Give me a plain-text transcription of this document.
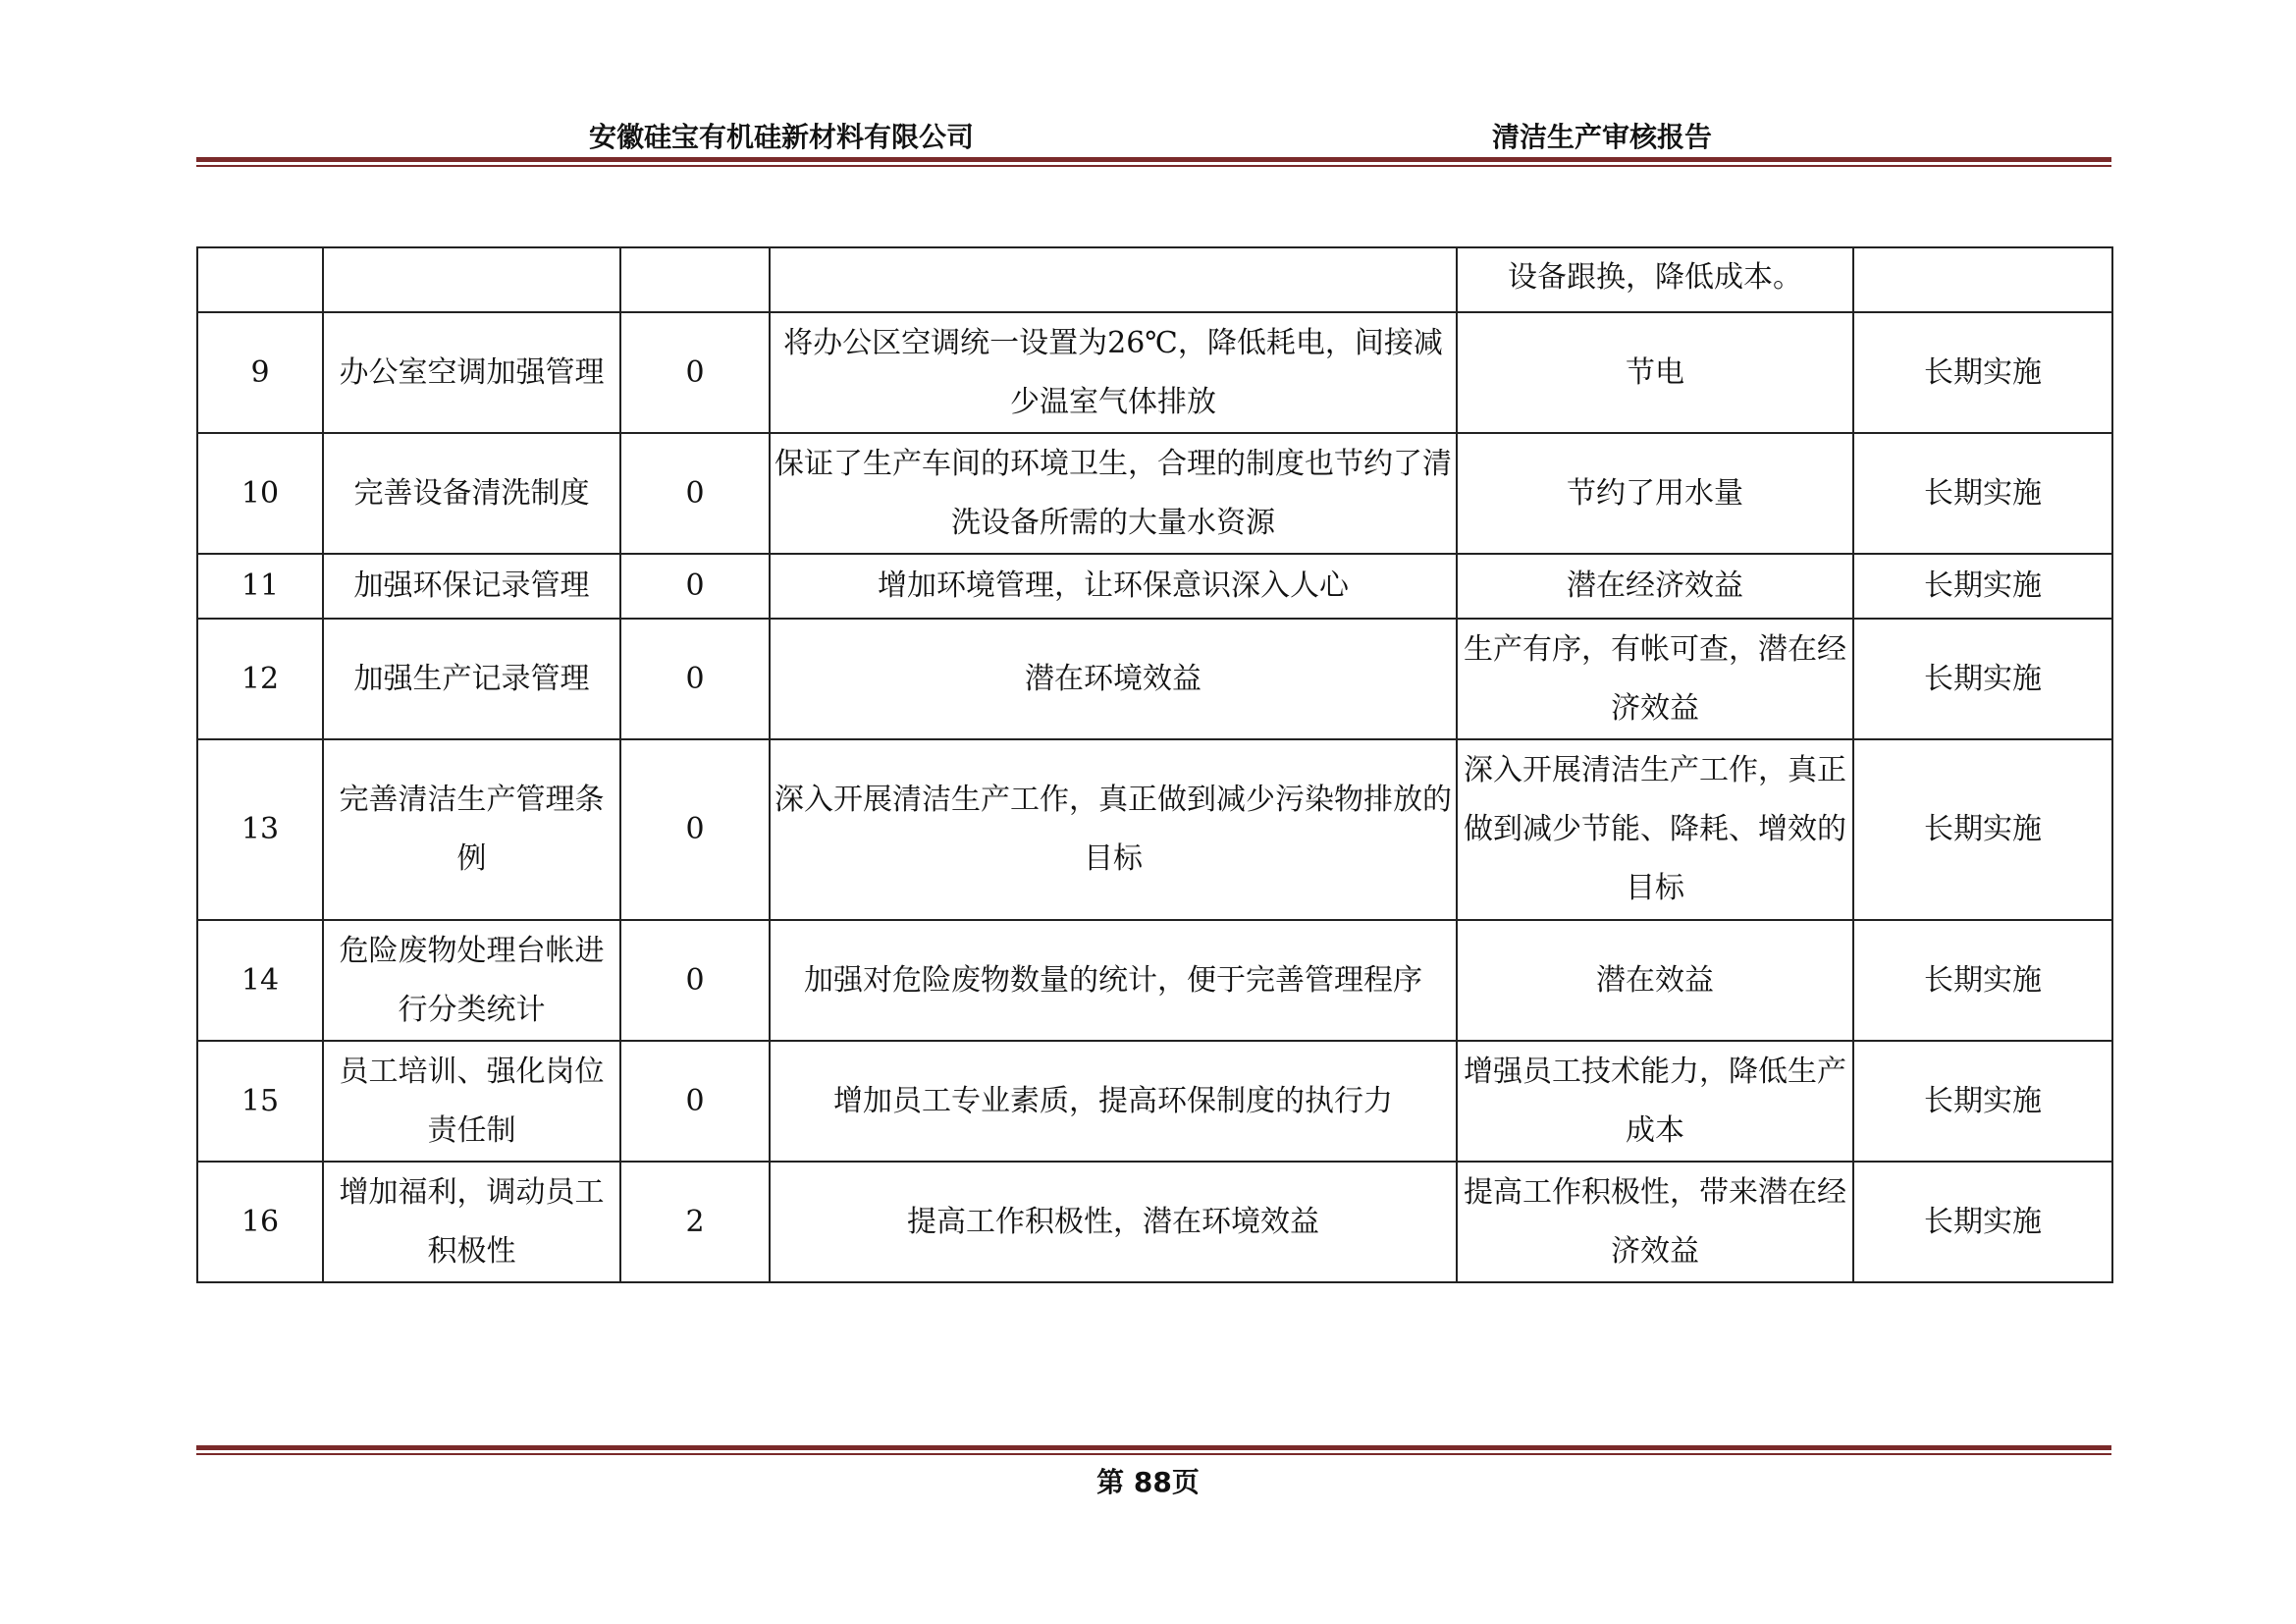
安徽硅宝有机硅新材料有限公司	清洁生产审核报告
				设备跟换，降低成本。	
9	办公室空调加强管理	0	将办公区空调统一设置为26℃，降低耗电，间接减少温室气体排放	节电	长期实施
10	完善设备清洗制度	0	保证了生产车间的环境卫生，合理的制度也节约了清洗设备所需的大量水资源	节约了用水量	长期实施
11	加强环保记录管理	0	增加环境管理，让环保意识深入人心	潜在经济效益	长期实施
12	加强生产记录管理	0	潜在环境效益	生产有序，有帐可查，潜在经济效益	长期实施
13	完善清洁生产管理条例	0	深入开展清洁生产工作，真正做到减少污染物排放的目标	深入开展清洁生产工作，真正做到减少节能、降耗、增效的目标	长期实施
14	危险废物处理台帐进行分类统计	0	加强对危险废物数量的统计，便于完善管理程序	潜在效益	长期实施
15	员工培训、强化岗位责任制	0	增加员工专业素质，提高环保制度的执行力	增强员工技术能力，降低生产成本	长期实施
16	增加福利，调动员工积极性	2	提高工作积极性，潜在环境效益	提高工作积极性，带来潜在经济效益	长期实施
第 88页
